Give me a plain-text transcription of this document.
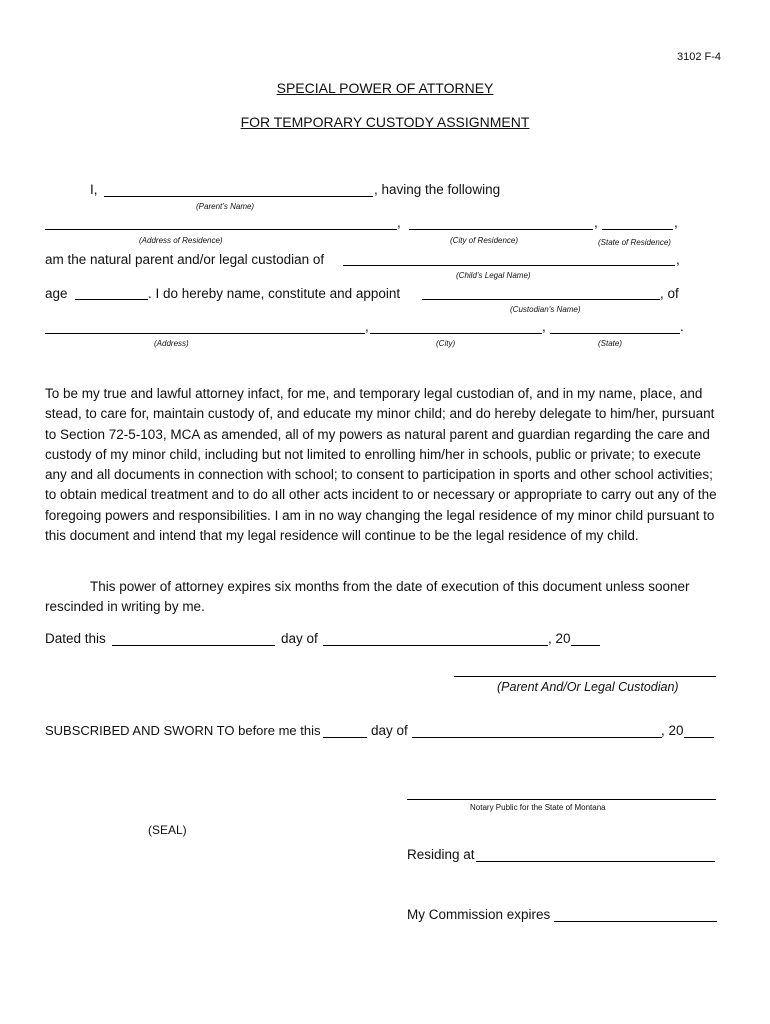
3102 F-4
SPECIAL POWER OF ATTORNEY
FOR TEMPORARY CUSTODY ASSIGNMENT
I,	, having the following
(Parent’s Name)
,	,	,
(Address of Residence)	(City of Residence)	(State of Residence)
am the natural parent and/or legal custodian of	,
(Child’s Legal Name)
age	. I do hereby name, constitute and appoint	, of
(Custodian’s Name)
,	,	.
(Address)	(City)	(State)
To be my true and lawful attorney infact, for me, and temporary legal custodian of, and in my name, place, and stead, to care for, maintain custody of, and educate my minor child; and do hereby delegate to him/her, pursuant to Section 72-5-103, MCA as amended, all of my powers as natural parent and guardian regarding the care and custody of my minor child, including but not limited to enrolling him/her in schools, public or private; to execute any and all documents in connection with school; to consent to participation in sports and other school activities; to obtain medical treatment and to do all other acts incident to or necessary or appropriate to carry out any of the foregoing powers and responsibilities. I am in no way changing the legal residence of my minor child pursuant to this document and intend that my legal residence will continue to be the legal residence of my child.
This power of attorney expires six months from the date of execution of this document unless sooner rescinded in writing by me.
Dated this	day of	, 20
(Parent And/Or Legal Custodian)
SUBSCRIBED AND SWORN TO before me this	day of	, 20
Notary Public for the State of Montana
(SEAL)
Residing at
My Commission expires
